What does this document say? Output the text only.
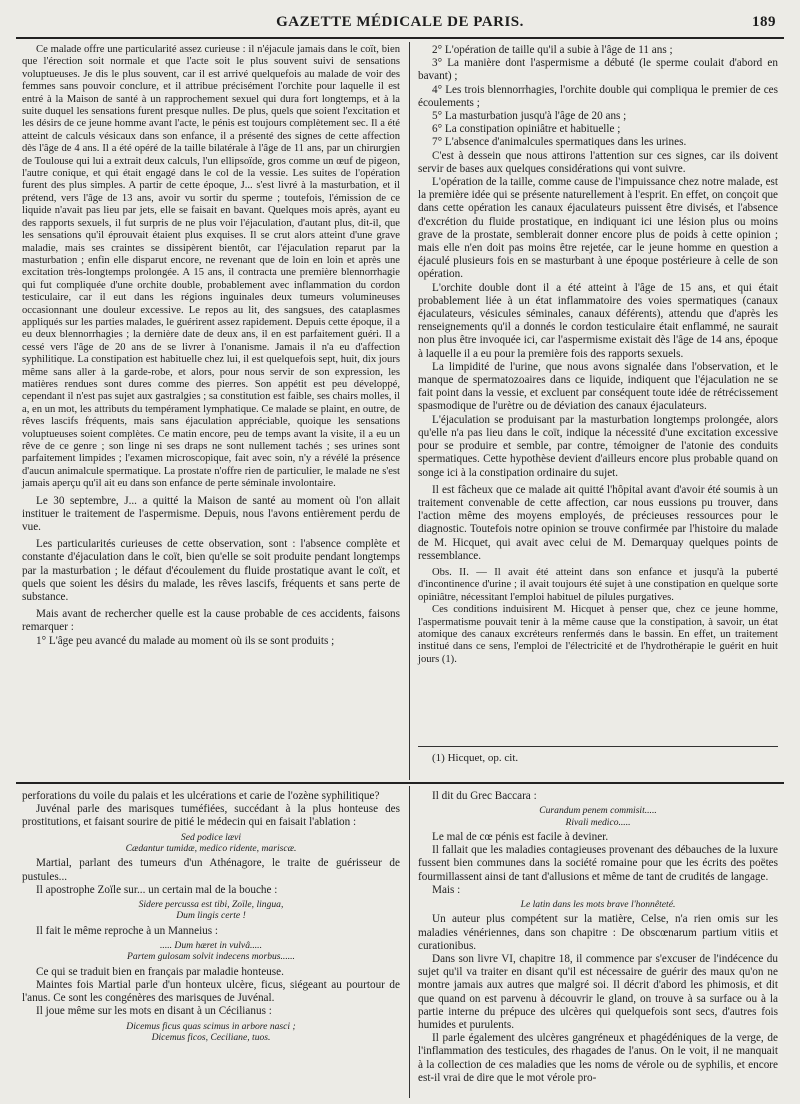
GAZETTE MÉDICALE DE PARIS.	189

Ce malade offre une particularité assez curieuse : il n'éjacule jamais dans le coït, bien que l'érection soit normale et que l'acte soit le plus souvent suivi de sensations voluptueuses. Je dis le plus souvent, car il est arrivé quelquefois au malade de voir des femmes sans pouvoir conclure, et il attribue précisément l'orchite pour laquelle il est entré à la Maison de santé à un rapprochement sexuel qui dura fort longtemps, et à la suite duquel les sensations furent presque nulles. De plus, quels que soient l'excitation et les désirs de ce jeune homme avant l'acte, le pénis est toujours complètement sec. Il a été atteint de calculs vésicaux dans son enfance, il a présenté des signes de cette affection dès l'âge de 4 ans. Il a été opéré de la taille bilatérale à l'âge de 11 ans, par un chirurgien de Toulouse qui lui a extrait deux calculs, l'un ellipsoïde, gros comme un œuf de pigeon, l'autre conique, et qui était engagé dans le col de la vessie. Les suites de l'opération furent des plus simples. A partir de cette époque, J... s'est livré à la masturbation, et il prétend, vers l'âge de 13 ans, avoir vu sortir du sperme ; toutefois, l'émission de ce liquide n'avait pas lieu par jets, elle se faisait en bavant. Quelques mois après, ayant eu des rapports sexuels, il fut surpris de ne plus voir l'éjaculation, d'autant plus, dit-il, que les sensations qu'il éprouvait étaient plus exquises. Il se crut alors atteint d'une grave maladie, mais ses craintes se dissipèrent bientôt, car l'éjaculation reparut par la masturbation ; enfin elle disparut encore, ne revenant que de loin en loin et après une excitation très-longtemps prolongée. A 15 ans, il contracta une première blennorrhagie qui fut compliquée d'une orchite double, probablement avec inflammation du cordon testiculaire, car il eut dans les régions inguinales deux tumeurs volumineuses occasionnant une douleur excessive. Le repos au lit, des sangsues, des cataplasmes appliqués sur les parties malades, le guérirent assez rapidement. Depuis cette époque, il a eu deux blennorrhagies ; la dernière date de deux ans, il en est parfaitement guéri. Il a cessé vers l'âge de 20 ans de se livrer à l'onanisme. Jamais il n'a eu d'affection syphilitique. La constipation est habituelle chez lui, il est quelquefois sept, huit, dix jours même sans aller à la garde-robe, et alors, pour nous servir de son expression, les matières rendues sont dures comme des pierres. Son appétit est peu développé, cependant il n'est pas sujet aux gastralgies ; sa constitution est faible, ses chairs molles, il a, en un mot, les attributs du tempérament lymphatique. Ce malade se plaint, en outre, de rêves lascifs fréquents, mais sans éjaculation appréciable, quoique les sensations voluptueuses soient complètes. Ce matin encore, peu de temps avant la visite, il a eu un rêve de ce genre ; son linge ni ses draps ne sont nullement tachés ; ses urines sont parfaitement limpides ; l'examen microscopique, fait avec soin, n'y a révélé la présence d'aucun animalcule spermatique. La prostate n'offre rien de particulier, le malade ne s'est jamais aperçu qu'il ait eu dans son enfance de perte séminale involontaire.

Le 30 septembre, J... a quitté la Maison de santé au moment où l'on allait instituer le traitement de l'aspermisme. Depuis, nous l'avons entièrement perdu de vue.

Les particularités curieuses de cette observation, sont : l'absence complète et constante d'éjaculation dans le coït, bien qu'elle se soit produite pendant longtemps par la masturbation ; le défaut d'écoulement du fluide prostatique avant le coït, et quels que soient les désirs du malade, les rêves lascifs, fréquents et sans perte de substance.

Mais avant de rechercher quelle est la cause probable de ces accidents, faisons remarquer :

1° L'âge peu avancé du malade au moment où ils se sont produits ;

2° L'opération de taille qu'il a subie à l'âge de 11 ans ;

3° La manière dont l'aspermisme a débuté (le sperme coulait d'abord en bavant) ;

4° Les trois blennorrhagies, l'orchite double qui compliqua le premier de ces écoulements ;

5° La masturbation jusqu'à l'âge de 20 ans ;

6° La constipation opiniâtre et habituelle ;

7° L'absence d'animalcules spermatiques dans les urines.

C'est à dessein que nous attirons l'attention sur ces signes, car ils doivent servir de bases aux quelques considérations qui vont suivre.

L'opération de la taille, comme cause de l'impuissance chez notre malade, est la première idée qui se présente naturellement à l'esprit. En effet, on conçoit que dans cette opération les canaux éjaculateurs puissent être divisés, et l'absence d'excrétion du fluide prostatique, en indiquant ici une lésion plus ou moins grave de la prostate, semblerait donner encore plus de poids à cette opinion ; mais elle n'en doit pas moins être rejetée, car le jeune homme en question a éjaculé plusieurs fois en se masturbant à une époque postérieure à celle de son opération.

L'orchite double dont il a été atteint à l'âge de 15 ans, et qui était probablement liée à un état inflammatoire des voies spermatiques (canaux éjaculateurs, vésicules séminales, canaux déférents), attendu que d'après les renseignements qu'il a donnés le cordon testiculaire était enflammé, ne saurait non plus être invoquée ici, car l'aspermisme existait dès l'âge de 14 ans, époque à laquelle il a eu pour la première fois des rapports sexuels.

La limpidité de l'urine, que nous avons signalée dans l'observation, et le manque de spermatozoaires dans ce liquide, indiquent que l'éjaculation ne se fait point dans la vessie, et excluent par conséquent toute idée de rétrécissement spasmodique de l'urètre ou de déviation des canaux éjaculateurs.

L'éjaculation se produisant par la masturbation longtemps prolongée, alors qu'elle n'a pas lieu dans le coït, indique la nécessité d'une excitation excessive pour se produire et semble, par contre, témoigner de l'atonie des conduits spermatiques. Cette hypothèse devient d'ailleurs encore plus probable quand on songe ici à la constipation ordinaire du sujet.

Il est fâcheux que ce malade ait quitté l'hôpital avant d'avoir été soumis à un traitement convenable de cette affection, car nous eussions pu trouver, dans l'action même des moyens employés, de précieuses ressources pour le diagnostic. Toutefois notre opinion se trouve confirmée par l'histoire du malade de M. Hicquet, qui avait avec celui de M. Demarquay quelques points de ressemblance.

Obs. II. — Il avait été atteint dans son enfance et jusqu'à la puberté d'incontinence d'urine ; il avait toujours été sujet à une constipation en quelque sorte opiniâtre, nécessitant l'emploi habituel de pilules purgatives.

Ces conditions induisirent M. Hicquet à penser que, chez ce jeune homme, l'aspermatisme pouvait tenir à la même cause que la constipation, à savoir, un état atomique des canaux excréteurs renfermés dans le bassin. En effet, un traitement institué dans ce sens, l'emploi de l'électricité et de l'hydrothérapie le guérit en huit jours (1).

(1) Hicquet, op. cit.

perforations du voile du palais et les ulcérations et carie de l'ozène syphilitique?

Juvénal parle des marisques tuméfiées, succédant à la plus honteuse des prostitutions, et faisant sourire de pitié le médecin qui en faisait l'ablation :

Sed podice lævi
Cædantur tumidæ, medico ridente, mariscæ.

Martial, parlant des tumeurs d'un Athénagore, le traite de guérisseur de pustules...

Il apostrophe Zoïle sur... un certain mal de la bouche :

Sidere percussa est tibi, Zoïle, lingua,
Dum lingis certe !

Il fait le même reproche à un Manneius :

..... Dum hæret in vulvâ.....
Partem gulosam solvit indecens morbus......

Ce qui se traduit bien en français par maladie honteuse.

Maintes fois Martial parle d'un honteux ulcère, ficus, siégeant au pourtour de l'anus. Ce sont les congénères des marisques de Juvénal.

Il joue même sur les mots en disant à un Cécilianus :

Dicemus ficus quas scimus in arbore nasci ;
Dicemus ficos, Ceciliane, tuos.

Il dit du Grec Baccara :

Curandum penem commisit.....
Rivali medico.....

Le mal de cœ pénis est facile à deviner.

Il fallait que les maladies contagieuses provenant des débauches de la luxure fussent bien communes dans la société romaine pour que les écrits des poëtes fourmillassent ainsi de tant d'allusions et même de tant de crudités de langage.

Mais :

Le latin dans les mots brave l'honnêteté.

Un auteur plus compétent sur la matière, Celse, n'a rien omis sur les maladies vénériennes, dans son chapitre : De obscœnarum partium vitiis et curationibus.

Dans son livre VI, chapitre 18, il commence par s'excuser de l'indécence du sujet qu'il va traiter en disant qu'il est nécessaire de guérir des maux qu'on ne montre jamais aux autres que malgré soi. Il décrit d'abord les phimosis, et dit que quand on est parvenu à découvrir le gland, on trouve à sa surface ou à la partie interne du prépuce des ulcères qui quelquefois sont secs, d'autres fois humides et purulents.

Il parle également des ulcères gangréneux et phagédéniques de la verge, de l'inflammation des testicules, des rhagades de l'anus. On le voit, il ne manquait à la collection de ces maladies que les noms de vérole ou de syphilis, et encore est-il vrai de dire que le mot vérole pro-
